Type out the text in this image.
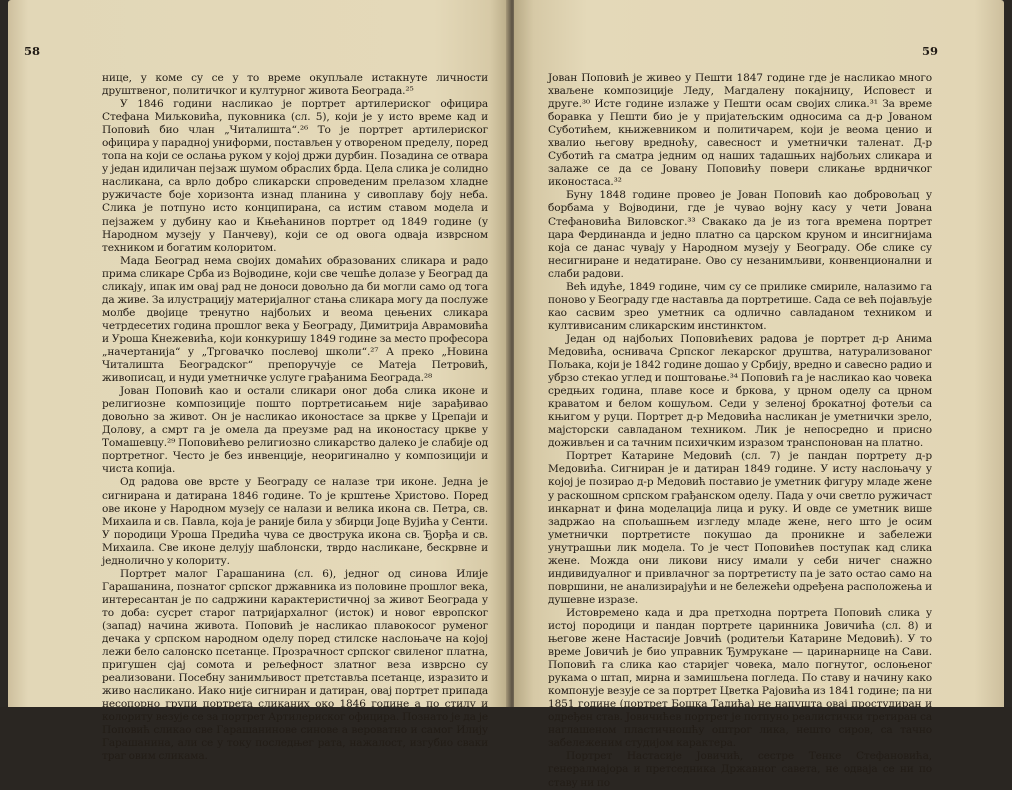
58

нице, у коме су се у то време окупљале истакнуте личности друштвеног, политичког и културног живота Београда.²⁵

У 1846 години насликао је портрет артилериског официра Стефана Миљковића, пуковника (сл. 5), који је у исто време кад и Поповић био члан „Читалишта“.²⁶ То је портрет артилериског официра у парадној униформи, постављен у отвореном пределу, поред топа на који се ослања руком у којој држи дурбин. Позадина се отвара у један идиличан пејзаж шумом обраслих брда. Цела слика је солидно насликана, са врло добро сликарски спроведеним прелазом хладне ружичасте боје хоризонта изнад планина у сивоплаву боју неба. Слика је потпуно исто конципирана, са истим ставом модела и пејзажем у дубину као и Књећанинов портрет од 1849 године (у Народном музеју у Панчеву), који се од овога одваја изврсном техником и богатим колоритом.

Мада Београд нема својих домаћих образованих сликара и радо прима сликаре Срба из Војводине, који све чешће долазе у Београд да сликају, ипак им овај рад не доноси довољно да би могли само од тога да живе. За илустрацију материјалног стања сликара могу да послуже молбе двојице тренутно најбољих и веома цењених сликара четрдесетих година прошлог века у Београду, Димитрија Аврамовића и Уроша Кнежевића, који конкуришу 1849 године за место професора „начертанија“ у „Трговачко послевој школи“.²⁷ А преко „Новина Читалишта Београдског“ препоручује се Матеја Петровић, живописац, и нуди уметничке услуге грађанима Београда.²⁸

Јован Поповић као и остали сликари оног доба слика иконе и религиозне композиције пошто портретисањем није зарађивао довољно за живот. Он је насликао иконостасе за цркве у Црепаји и Долову, а смрт га је омела да преузме рад на иконостасу цркве у Томашевцу.²⁹ Поповићево религиозно сликарство далеко је слабије од портретног. Често је без инвенције, неоригинално у композицији и чиста копија.

Од радова ове врсте у Београду се налазе три иконе. Једна је сигнирана и датирана 1846 године. То је крштење Христово. Поред ове иконе у Народном музеју се налази и велика икона св. Петра, св. Михаила и св. Павла, која је раније била у збирци Јоце Вујића у Сенти. У породици Уроша Предића чува се двострука икона св. Ђорђа и св. Михаила. Све иконе делују шаблонски, тврдо насликане, бескрвне и једнолично у колориту.

Портрет малог Гарашанина (сл. 6), једног од синова Илије Гарашанина, познатог српског државника из половине прошлог века, интересантан је по садржини карактеристичној за живот Београда у то доба: сусрет старог патријархалног (исток) и новог европског (запад) начина живота. Поповић је насликао плавокосог руменог дечака у српском народном оделу поред стилске наслоњаче на којој лежи бело салонско псетанце. Прозрачност српског свиленог платна, пригушен сјај сомота и рељефност златног веза изврсно су реализовани. Посебну занимљивост претставља псетанце, изразито и живо насликано. Иако није сигниран и датиран, овај портрет припада несопорно групи портрета сликаних око 1846 године а по стилу и колориту везује се за портрет Артилериског официра. Познато је да је Поповић сликао све Гарашанинове синове а вероватно и самог Илију Гарашанина, али се у току последњег рата, нажалост, изгубио сваки траг овим сликама.

59

Јован Поповић је живео у Пешти 1847 године где је насликао много хваљене композиције Леду, Магдалену покајницу, Исповест и друге.³⁰ Исте године излаже у Пешти осам својих слика.³¹ За време боравка у Пешти био је у пријатељским односима са д-р Јованом Суботићем, књижевником и политичарем, који је веома ценио и хвалио његову вредноћу, савесност и уметнички таленат. Д-р Суботић га сматра једним од наших тадашњих најбољих сликара и залаже се да се Јовану Поповићу повери сликање врдничког иконостаса.³²

Буну 1848 године провео је Јован Поповић као добровољац у борбама у Војводини, где је чувао војну касу у чети Јована Стефановића Виловског.³³ Свакако да је из тога времена портрет цара Фердинанда и једно платно са царском круном и инсигнијама која се данас чувају у Народном музеју у Београду. Обе слике су несигниране и недатиране. Ово су незанимљиви, конвенционални и слаби радови.

Већ идуће, 1849 године, чим су се прилике смириле, налазимо га поново у Београду где наставља да портретише. Сада се већ појављује као сасвим зрео уметник са одлично савладаном техником и култивисаним сликарским инстинктом.

Један од најбољих Поповићевих радова је портрет д-р Анима Медовића, оснивача Српског лекарског друштва, натурализованог Пољака, који је 1842 године дошао у Србију, вредно и савесно радио и убрзо стекао углед и поштовање.³⁴ Поповић га је насликао као човека средњих година, плаве косе и бркова, у црном оделу са црном краватом и белом кошуљом. Седи у зеленој брокатној фотељи са књигом у руци. Портрет д-р Медовића насликан је уметнички зрело, мајсторски савладаном техником. Лик је непосредно и присно доживљен и са тачним психичким изразом транспонован на платно.

Портрет Катарине Медовић (сл. 7) је пандан портрету д-р Медовића. Сигниран је и датиран 1849 године. У исту наслоњачу у којој је позирао д-р Медовић поставио је уметник фигуру младе жене у раскошном српском грађанском оделу. Пада у очи светло ружичаст инкарнат и фина моделација лица и руку. И овде се уметник више задржао на спољашњем изгледу младе жене, него што је осим уметнички портретисте покушао да проникне и забележи унутрашњи лик модела. То је чест Поповићев поступак кад слика жене. Можда они ликови нису имали у себи ничег снажно индивидуалног и привлачног за портретисту па је зато остао само на површини, не анализирајући и не бележећи одређена расположења и душевне изразе.

Истовремено када и дра претходна портрета Поповић слика у истој породици и пандан портрете царинника Јовичића (сл. 8) и његове жене Настасије Јовчић (родитељи Катарине Медовић). У то време Јовичић је био управник Ђумрукане — царинарнице на Сави. Поповић га слика као старијег човека, мало погнутог, ослоњеног рукама о штап, мирна и замишљена погледа. По ставу и начину како компонује везује се за портрет Цветка Рајовића из 1841 године; па ни 1851 године (портрет Бошка Тадића) не напушта овај простудиран и одређен став. Јовичићев портрет је потпуно реалистички третиран са наглашеном пластичношћу оштрог лика, нешто сиров, са тачно забележеним студијом карактера.

Портрет Настасије Јовичић, сестре Тенке Стефановића, генералмајора и претседника Државног савета, не одваја се ни по ставу ни по
